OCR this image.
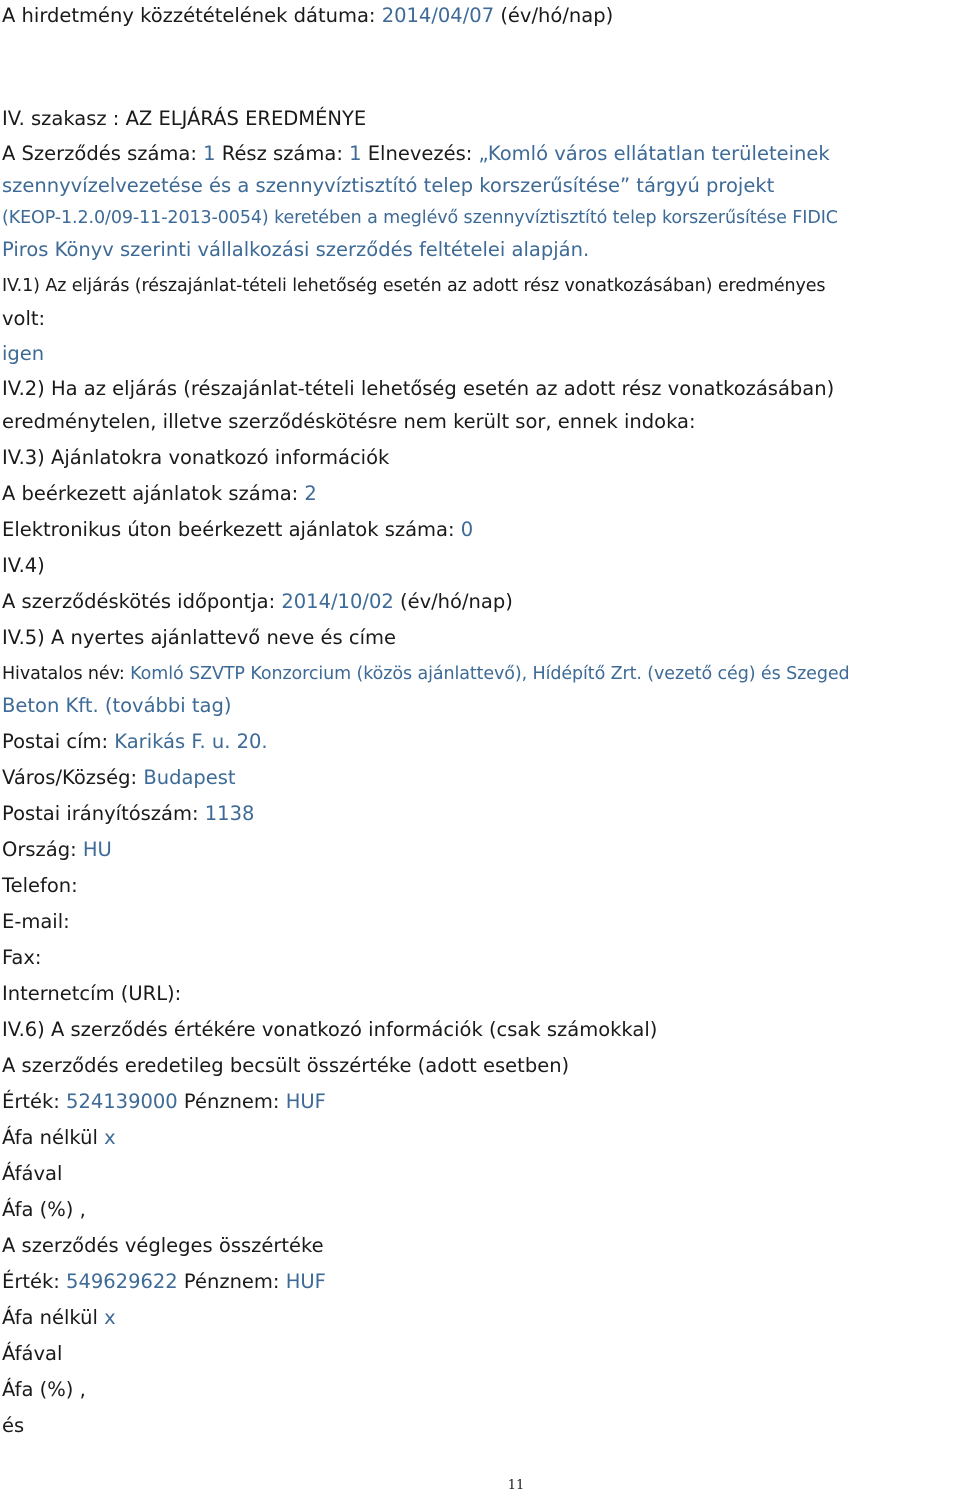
A hirdetmény közzétételének dátuma: 2014/04/07 (év/hó/nap)
IV. szakasz : AZ ELJÁRÁS EREDMÉNYE
A Szerződés száma: 1 Rész száma: 1 Elnevezés: „Komló város ellátatlan területeinek
szennyvízelvezetése és a szennyvíztisztító telep korszerűsítése” tárgyú projekt
(KEOP-1.2.0/09-11-2013-0054) keretében a meglévő szennyvíztisztító telep korszerűsítése FIDIC
Piros Könyv szerinti vállalkozási szerződés feltételei alapján.
IV.1) Az eljárás (részajánlat-tételi lehetőség esetén az adott rész vonatkozásában) eredményes
volt:
igen
IV.2) Ha az eljárás (részajánlat-tételi lehetőség esetén az adott rész vonatkozásában)
eredménytelen, illetve szerződéskötésre nem került sor, ennek indoka:
IV.3) Ajánlatokra vonatkozó információk
A beérkezett ajánlatok száma: 2
Elektronikus úton beérkezett ajánlatok száma: 0
IV.4)
A szerződéskötés időpontja: 2014/10/02 (év/hó/nap)
IV.5) A nyertes ajánlattevő neve és címe
Hivatalos név: Komló SZVTP Konzorcium (közös ajánlattevő), Hídépítő Zrt. (vezető cég) és Szeged
Beton Kft. (további tag)
Postai cím: Karikás F. u. 20.
Város/Község: Budapest
Postai irányítószám: 1138
Ország: HU
Telefon:
E-mail:
Fax:
Internetcím (URL):
IV.6) A szerződés értékére vonatkozó információk (csak számokkal)
A szerződés eredetileg becsült összértéke (adott esetben)
Érték: 524139000 Pénznem: HUF
Áfa nélkül x
Áfával
Áfa (%) ,
A szerződés végleges összértéke
Érték: 549629622 Pénznem: HUF
Áfa nélkül x
Áfával
Áfa (%) ,
és
11
